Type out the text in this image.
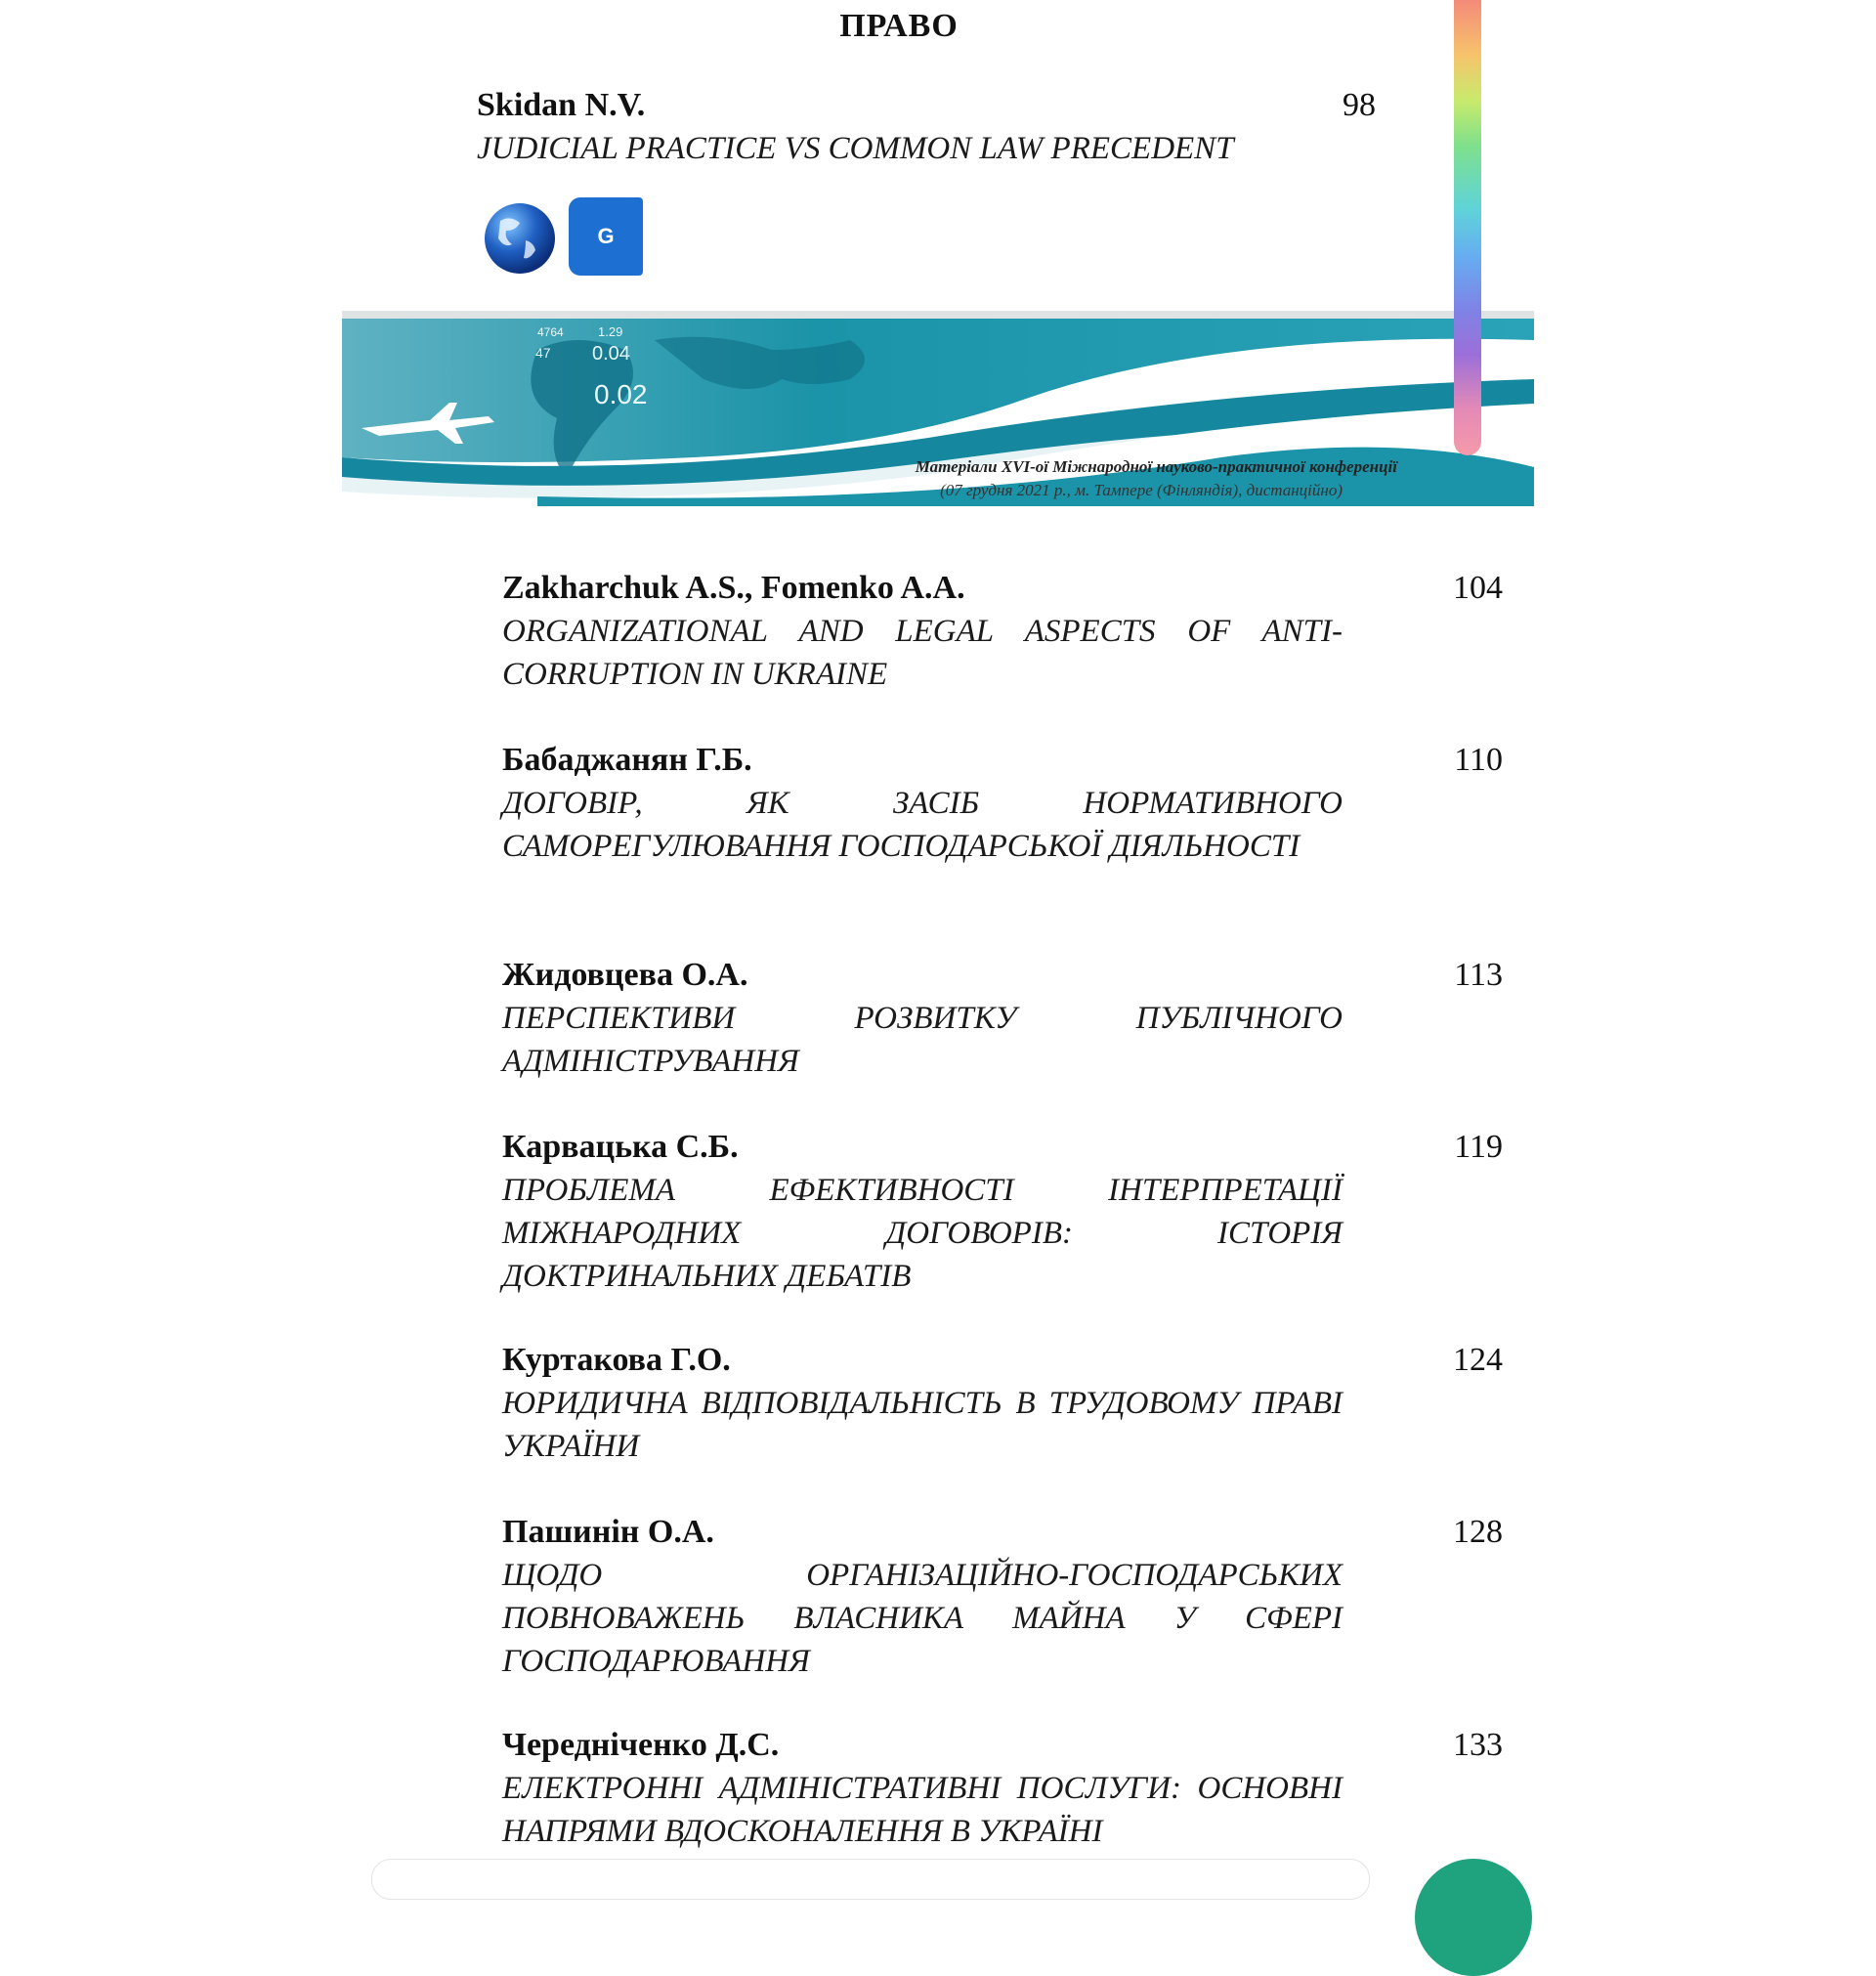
ПРАВО
Skidan N.V.
JUDICIAL PRACTICE VS COMMON LAW PRECEDENT
98
G
0.04
0.02
1.29
47
4764
Матеріали XVI-ої Міжнародної науково-практичної конференції
(07 грудня 2021 р., м. Тампере (Фінляндія), дистанційно)
Zakharchuk A.S., Fomenko A.A.
ORGANIZATIONAL AND LEGAL ASPECTS OF ANTI-CORRUPTION IN UKRAINE
104
Бабаджанян Г.Б.
ДОГОВІР, ЯК ЗАСІБ НОРМАТИВНОГО САМОРЕГУЛЮВАННЯ ГОСПОДАРСЬКОЇ ДІЯЛЬНОСТІ
110
Жидовцева О.А.
ПЕРСПЕКТИВИ РОЗВИТКУ ПУБЛІЧНОГО АДМІНІСТРУВАННЯ
113
Карвацька С.Б.
ПРОБЛЕМА ЕФЕКТИВНОСТІ ІНТЕРПРЕТАЦІЇ МІЖНАРОДНИХ ДОГОВОРІВ: ІСТОРІЯ ДОКТРИНАЛЬНИХ ДЕБАТІВ
119
Куртакова Г.О.
ЮРИДИЧНА ВІДПОВІДАЛЬНІСТЬ В ТРУДОВОМУ ПРАВІ УКРАЇНИ
124
Пашинін О.А.
ЩОДО ОРГАНІЗАЦІЙНО-ГОСПОДАРСЬКИХ ПОВНОВАЖЕНЬ ВЛАСНИКА МАЙНА У СФЕРІ ГОСПОДАРЮВАННЯ
128
Чередніченко Д.С.
ЕЛЕКТРОННІ АДМІНІСТРАТИВНІ ПОСЛУГИ: ОСНОВНІ НАПРЯМИ ВДОСКОНАЛЕННЯ В УКРАЇНІ
133
